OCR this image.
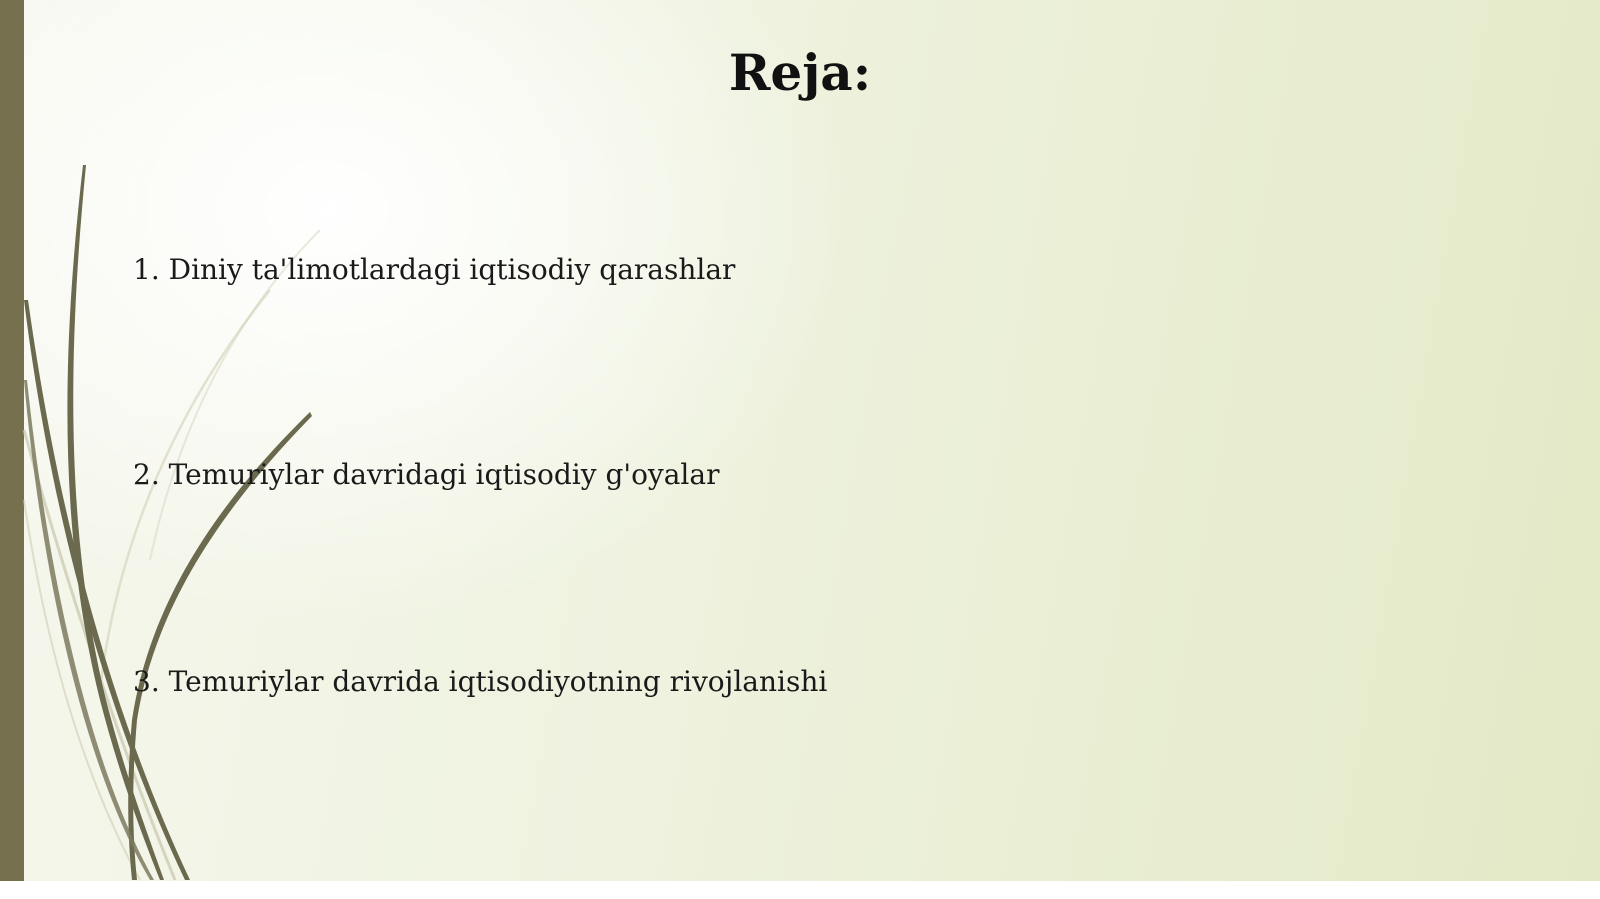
Reja:
1. Diniy ta'limotlardagi iqtisodiy qarashlar
2. Temuriylar davridagi iqtisodiy g'oyalar
3. Temuriylar davrida iqtisodiyotning rivojlanishi
